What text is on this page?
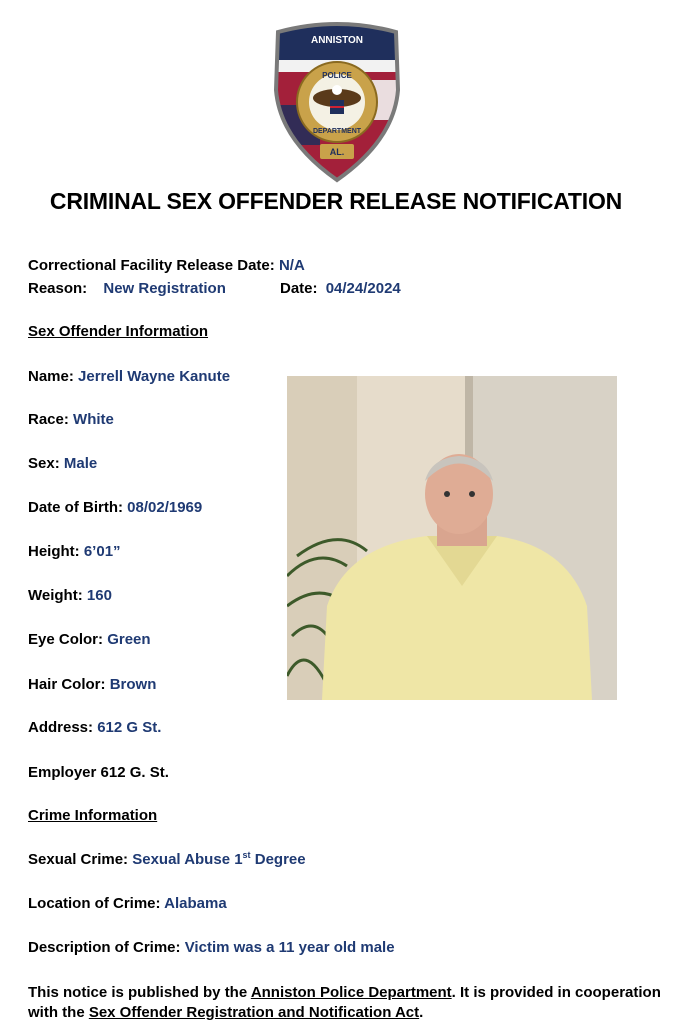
ANNISTON
POLICE
DEPARTMENT
AL.
CRIMINAL SEX OFFENDER RELEASE NOTIFICATION
Correctional Facility Release Date: N/A
Reason: New Registration	Date: 04/24/2024
Sex Offender Information
Name: Jerrell Wayne Kanute
Race: White
Sex: Male
Date of Birth: 08/02/1969
Height: 6’01”
Weight: 160
Eye Color: Green
Hair Color: Brown
Address: 612 G St.
Employer 612 G. St.
Crime Information
Sexual Crime: Sexual Abuse 1st Degree
Location of Crime: Alabama
Description of Crime: Victim was a 11 year old male
This notice is published by the Anniston Police Department. It is provided in cooperation with the Sex Offender Registration and Notification Act.
